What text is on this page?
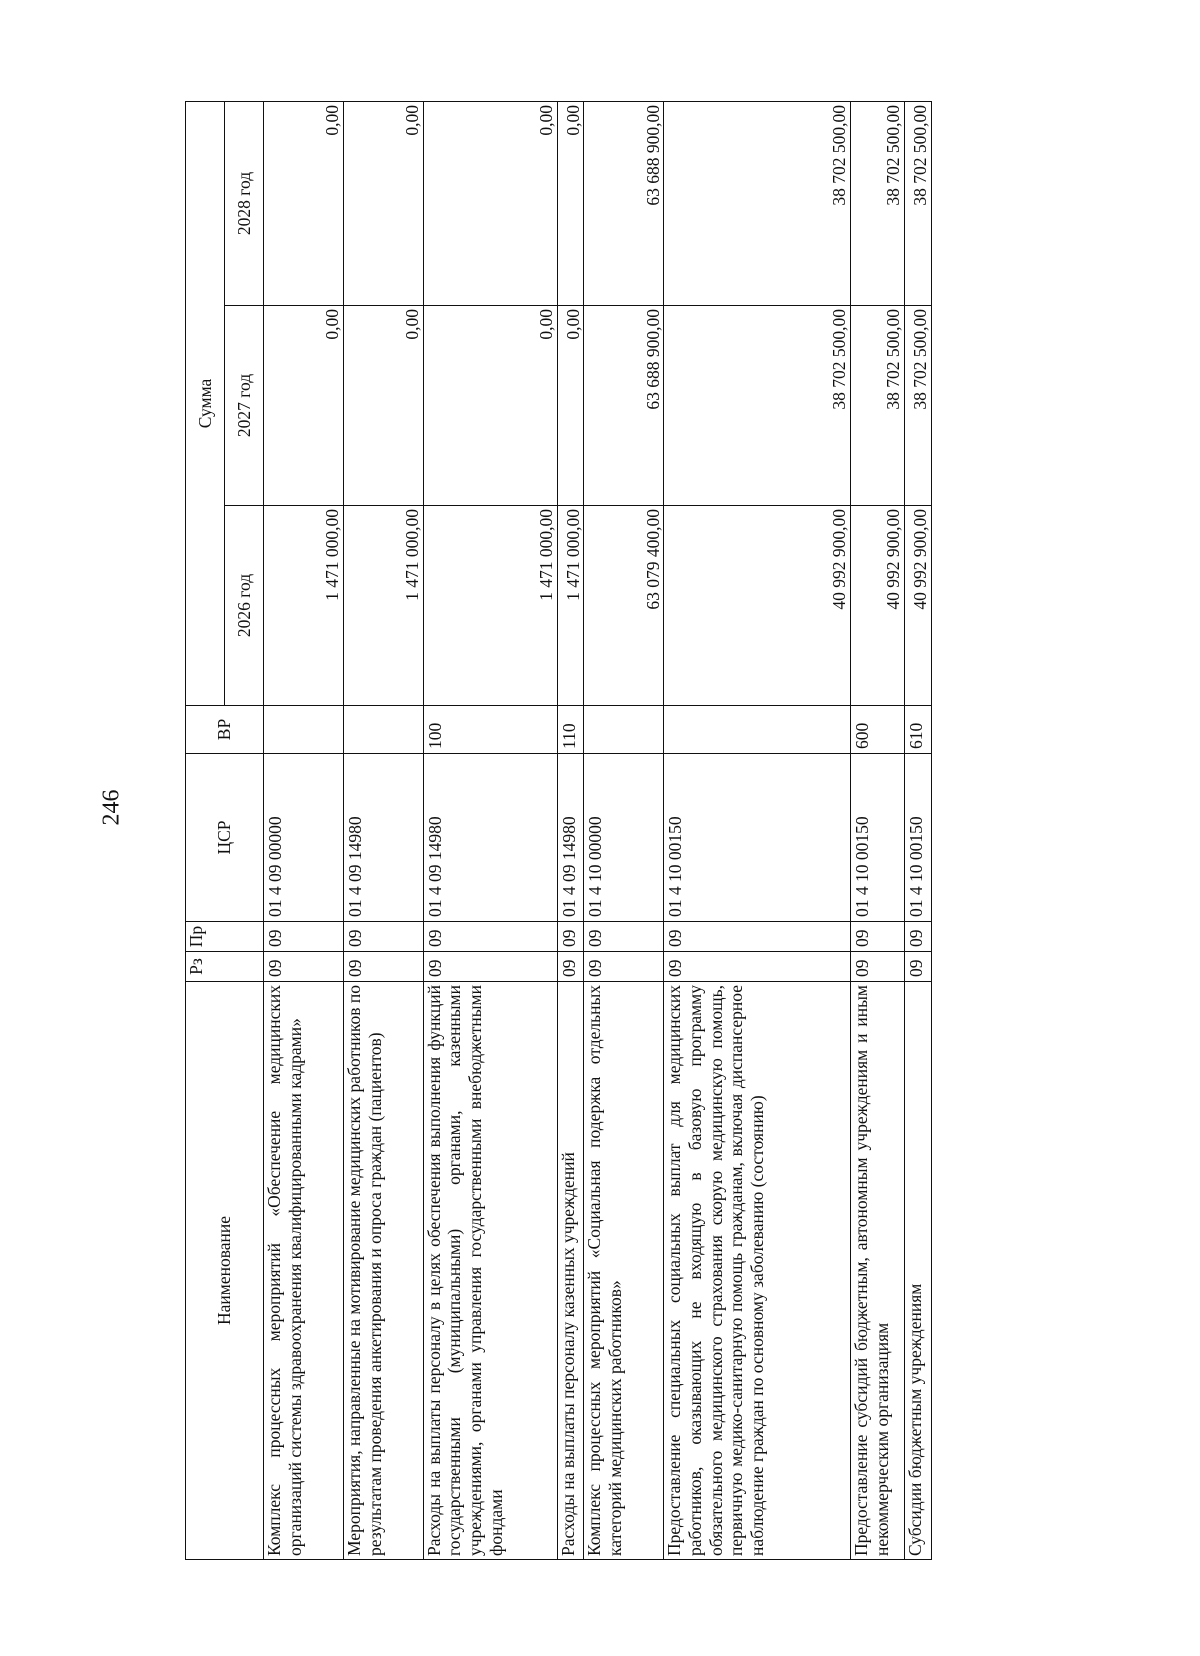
246
Наименование	Рз	Пр	ЦСР	ВР	Сумма		
					2026 год	2027 год	2028 год
Комплекс процессных мероприятий «Обеспечение медицинских организаций системы здравоохранения квалифицированными кадрами»	09	09	01 4 09 00000		1 471 000,00	0,00	0,00
Мероприятия, направленные на мотивирование медицинских работников по результатам проведения анкетирования и опроса граждан (пациентов)	09	09	01 4 09 14980		1 471 000,00	0,00	0,00
Расходы на выплаты персоналу в целях обеспечения выполнения функций государственными (муниципальными) органами, казенными учреждениями, органами управления государственными внебюджетными фондами	09	09	01 4 09 14980	100	1 471 000,00	0,00	0,00
Расходы на выплаты персоналу казенных учреждений	09	09	01 4 09 14980	110	1 471 000,00	0,00	0,00
Комплекс процессных мероприятий «Социальная подержка отдельных категорий медицинских работников»	09	09	01 4 10 00000		63 079 400,00	63 688 900,00	63 688 900,00
Предоставление специальных социальных выплат для медицинских работников, оказывающих не входящую в базовую программу обязательного медицинского страхования скорую медицинскую помощь, первичную медико-санитарную помощь гражданам, включая диспансерное наблюдение граждан по основному заболеванию (состоянию)	09	09	01 4 10 00150		40 992 900,00	38 702 500,00	38 702 500,00
Предоставление субсидий бюджетным, автономным учреждениям и иным некоммерческим организациям	09	09	01 4 10 00150	600	40 992 900,00	38 702 500,00	38 702 500,00
Субсидии бюджетным учреждениям	09	09	01 4 10 00150	610	40 992 900,00	38 702 500,00	38 702 500,00
